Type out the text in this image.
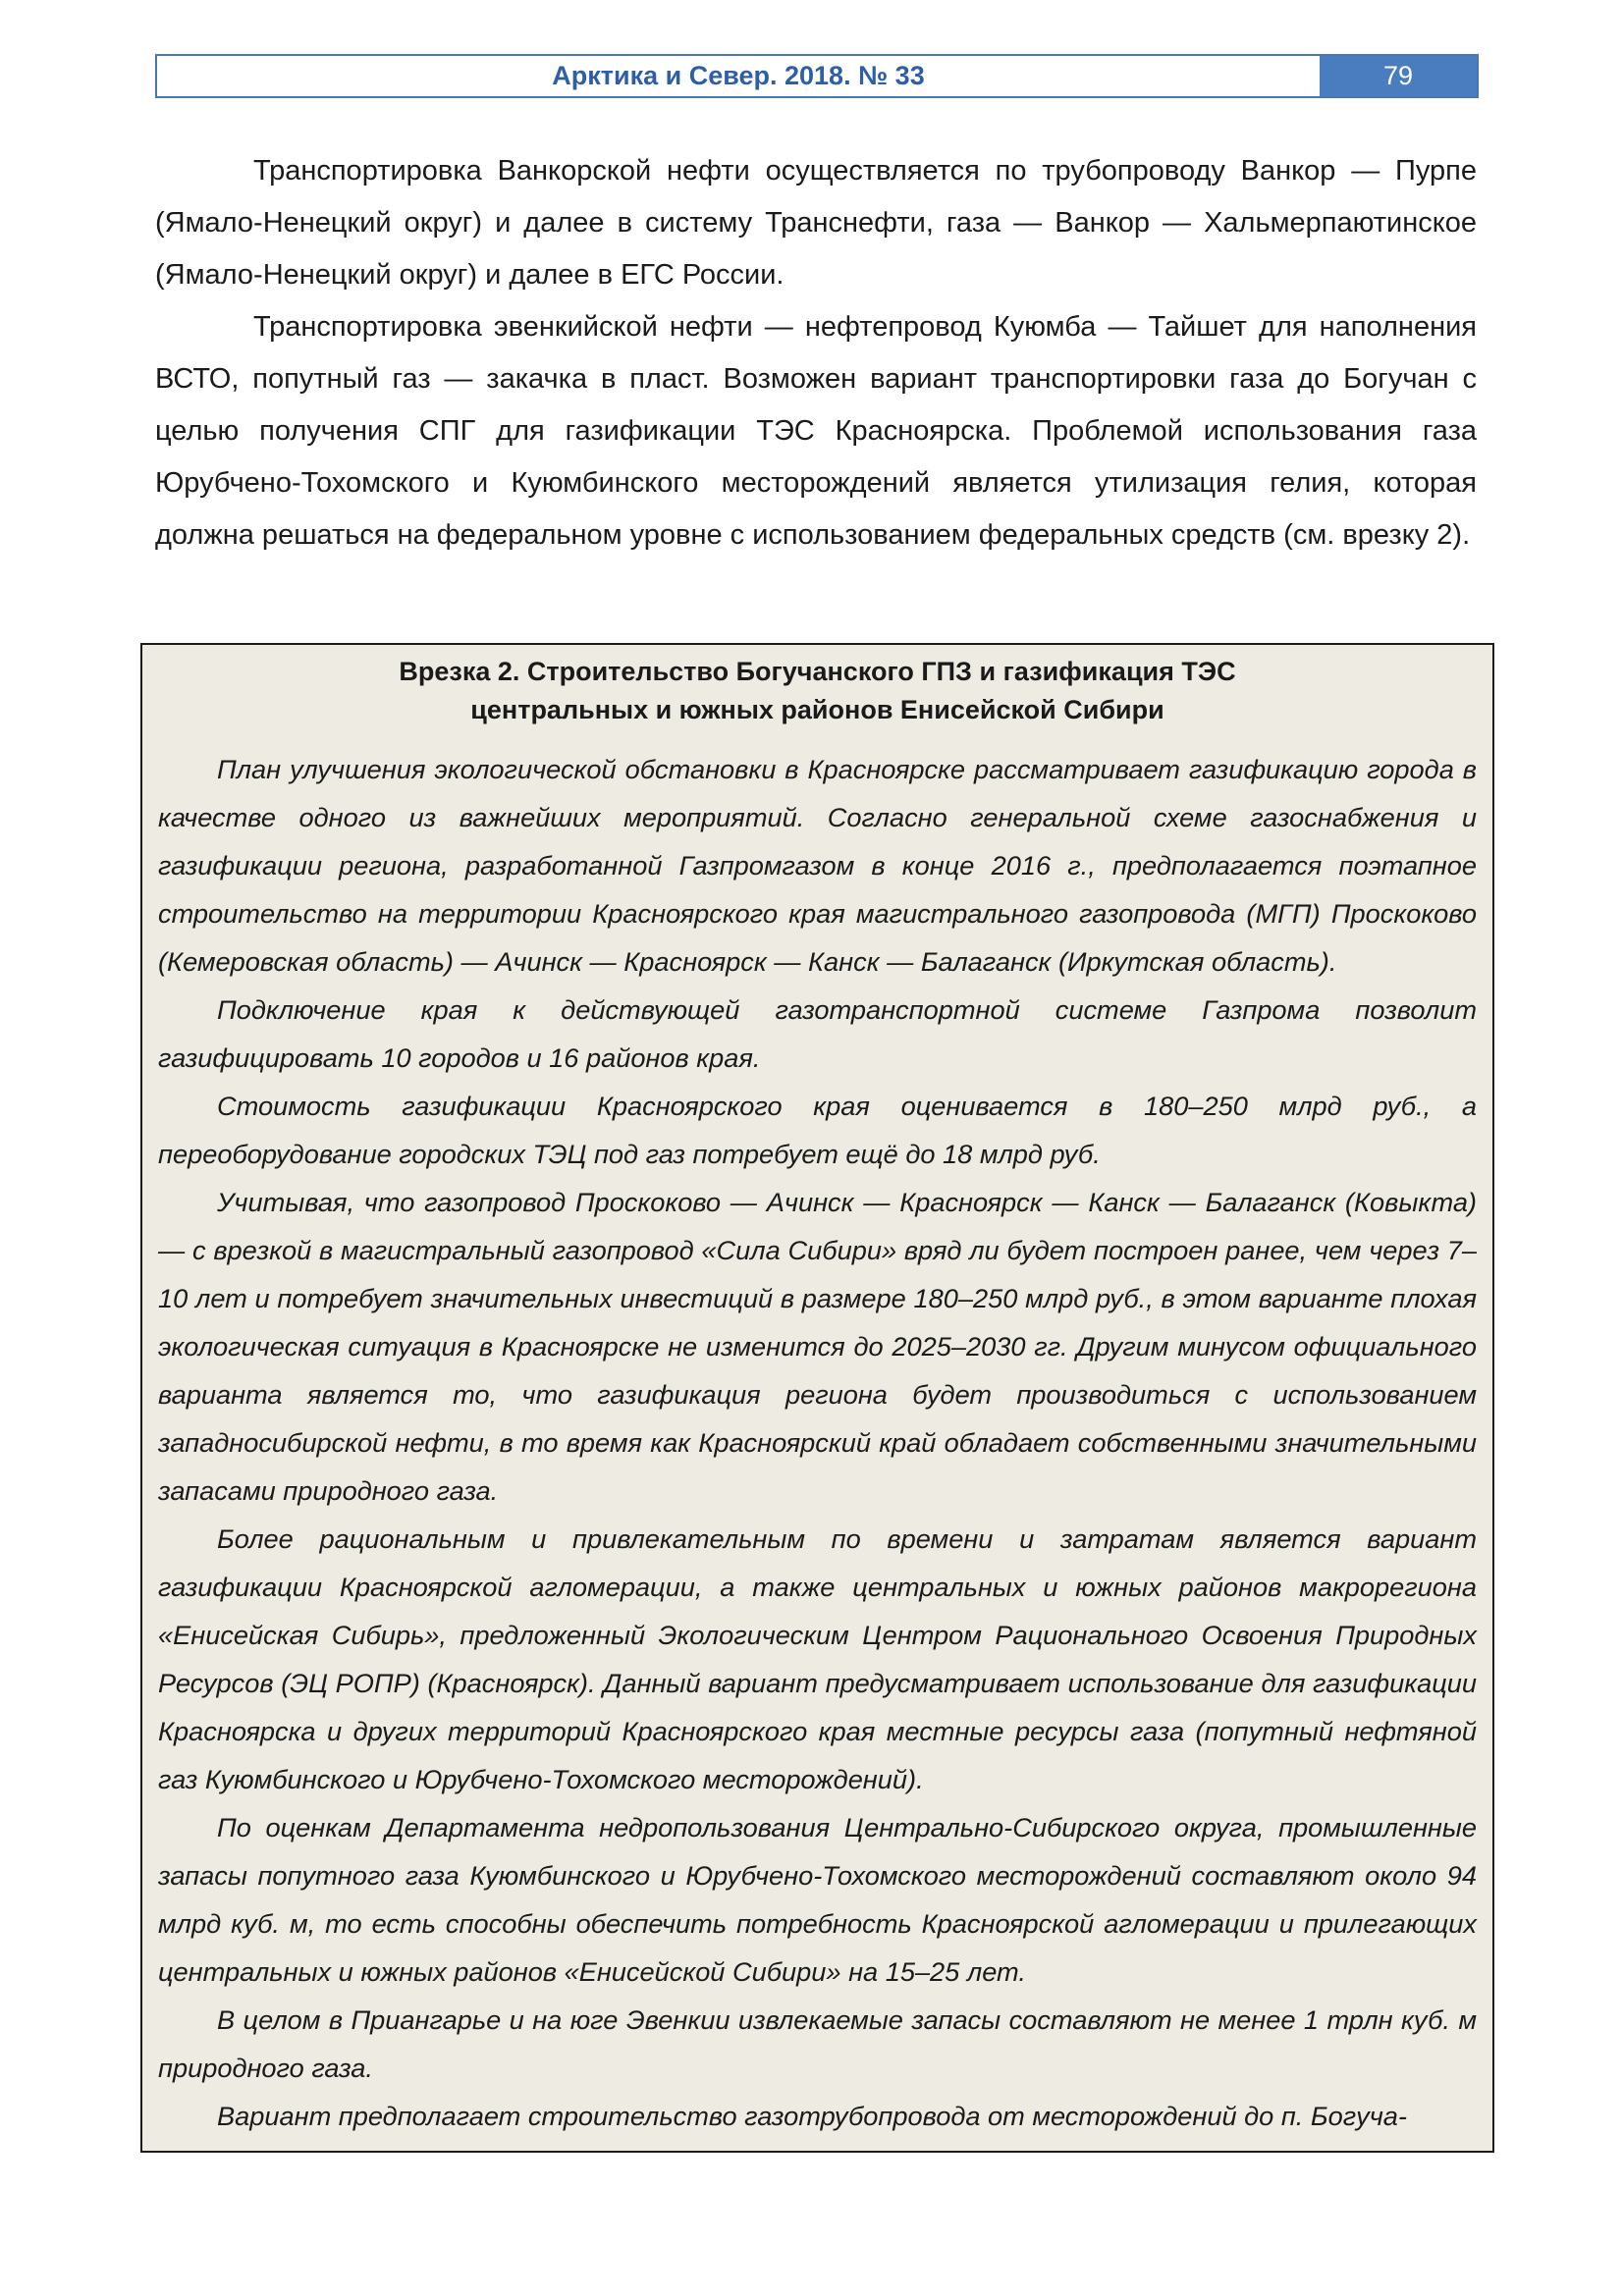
Арктика и Север. 2018. № 33	79

Транспортировка Ванкорской нефти осуществляется по трубопроводу Ванкор — Пурпе (Ямало-Ненецкий округ) и далее в систему Транснефти, газа — Ванкор — Хальмерпаютинское (Ямало-Ненецкий округ) и далее в ЕГС России.

Транспортировка эвенкийской нефти — нефтепровод Куюмба — Тайшет для наполнения ВСТО, попутный газ — закачка в пласт. Возможен вариант транспортировки газа до Богучан с целью получения СПГ для газификации ТЭС Красноярска. Проблемой использования газа Юрубчено-Тохомского и Куюмбинского месторождений является утилизация гелия, которая должна решаться на федеральном уровне с использованием федеральных средств (см. врезку 2).

Врезка 2. Строительство Богучанского ГПЗ и газификация ТЭС
центральных и южных районов Енисейской Сибири

План улучшения экологической обстановки в Красноярске рассматривает газификацию города в качестве одного из важнейших мероприятий. Согласно генеральной схеме газоснабжения и газификации региона, разработанной Газпромгазом в конце 2016 г., предполагается поэтапное строительство на территории Красноярского края магистрального газопровода (МГП) Проскоково (Кемеровская область) — Ачинск — Красноярск — Канск — Балаганск (Иркутская область).

Подключение края к действующей газотранспортной системе Газпрома позволит газифицировать 10 городов и 16 районов края.

Стоимость газификации Красноярского края оценивается в 180–250 млрд руб., а переоборудование городских ТЭЦ под газ потребует ещё до 18 млрд руб.

Учитывая, что газопровод Проскоково — Ачинск — Красноярск — Канск — Балаганск (Ковыкта) — с врезкой в магистральный газопровод «Сила Сибири» вряд ли будет построен ранее, чем через 7–10 лет и потребует значительных инвестиций в размере 180–250 млрд руб., в этом варианте плохая экологическая ситуация в Красноярске не изменится до 2025–2030 гг. Другим минусом официального варианта является то, что газификация региона будет производиться с использованием западносибирской нефти, в то время как Красноярский край обладает собственными значительными запасами природного газа.

Более рациональным и привлекательным по времени и затратам является вариант газификации Красноярской агломерации, а также центральных и южных районов макрорегиона «Енисейская Сибирь», предложенный Экологическим Центром Рационального Освоения Природных Ресурсов (ЭЦ РОПР) (Красноярск). Данный вариант предусматривает использование для газификации Красноярска и других территорий Красноярского края местные ресурсы газа (попутный нефтяной газ Куюмбинского и Юрубчено-Тохомского месторождений).

По оценкам Департамента недропользования Центрально-Сибирского округа, промышленные запасы попутного газа Куюмбинского и Юрубчено-Тохомского месторождений составляют около 94 млрд куб. м, то есть способны обеспечить потребность Красноярской агломерации и прилегающих центральных и южных районов «Енисейской Сибири» на 15–25 лет.

В целом в Приангарье и на юге Эвенкии извлекаемые запасы составляют не менее 1 трлн куб. м природного газа.

Вариант предполагает строительство газотрубопровода от месторождений до п. Богуча-
